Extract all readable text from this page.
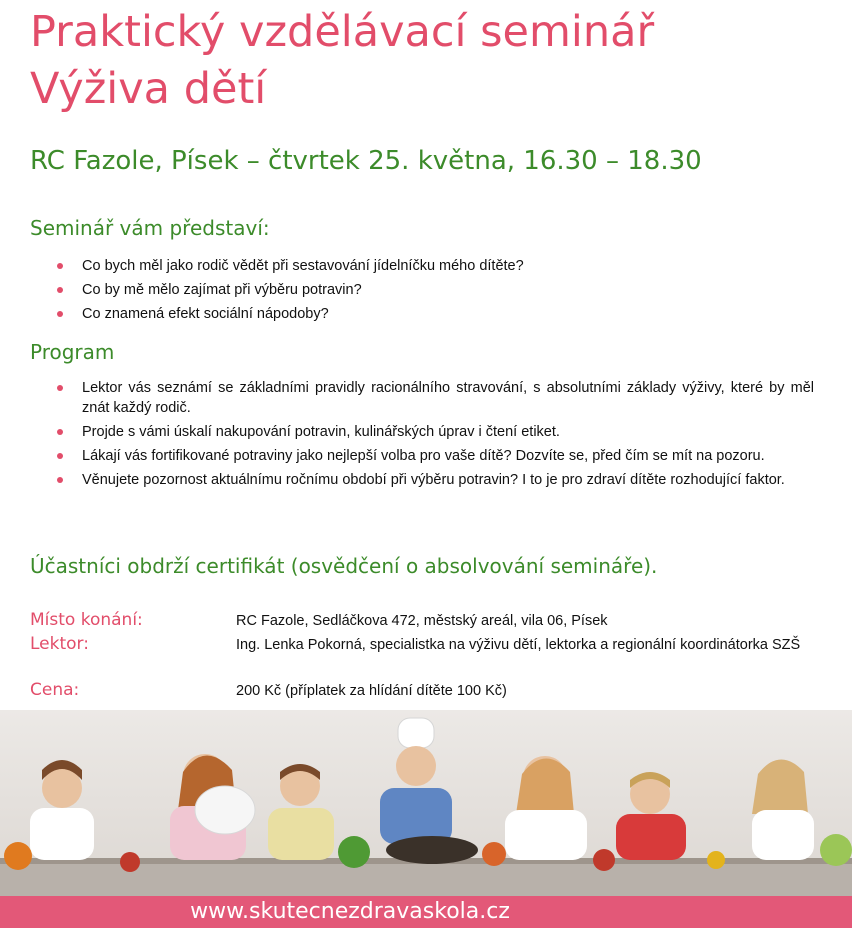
Praktický vzdělávací seminář
Výživa dětí
RC Fazole, Písek – čtvrtek 25. května, 16.30 – 18.30
Seminář vám představí:
Co bych měl jako rodič vědět při sestavování jídelníčku mého dítěte?
Co by mě mělo zajímat při výběru potravin?
Co znamená efekt sociální nápodoby?
Program
Lektor vás seznámí se základními pravidly racionálního stravování, s absolutními základy výživy, které by měl znát každý rodič.
Projde s vámi úskalí nakupování potravin, kulinářských úprav i čtení etiket.
Lákají vás fortifikované potraviny jako nejlepší volba pro vaše dítě? Dozvíte se, před čím se mít na pozoru.
Věnujete pozornost aktuálnímu ročnímu období při výběru potravin? I to je pro zdraví dítěte rozhodující faktor.
Účastníci obdrží certifikát (osvědčení o absolvování semináře).
Místo konání:	RC Fazole, Sedláčkova 472, městský areál, vila 06, Písek
Lektor:	Ing. Lenka Pokorná, specialistka na výživu dětí, lektorka a regionální koordinátorka SZŠ
Cena:	200 Kč (příplatek za hlídání dítěte 100 Kč)
www.skutecnezdravaskola.cz
